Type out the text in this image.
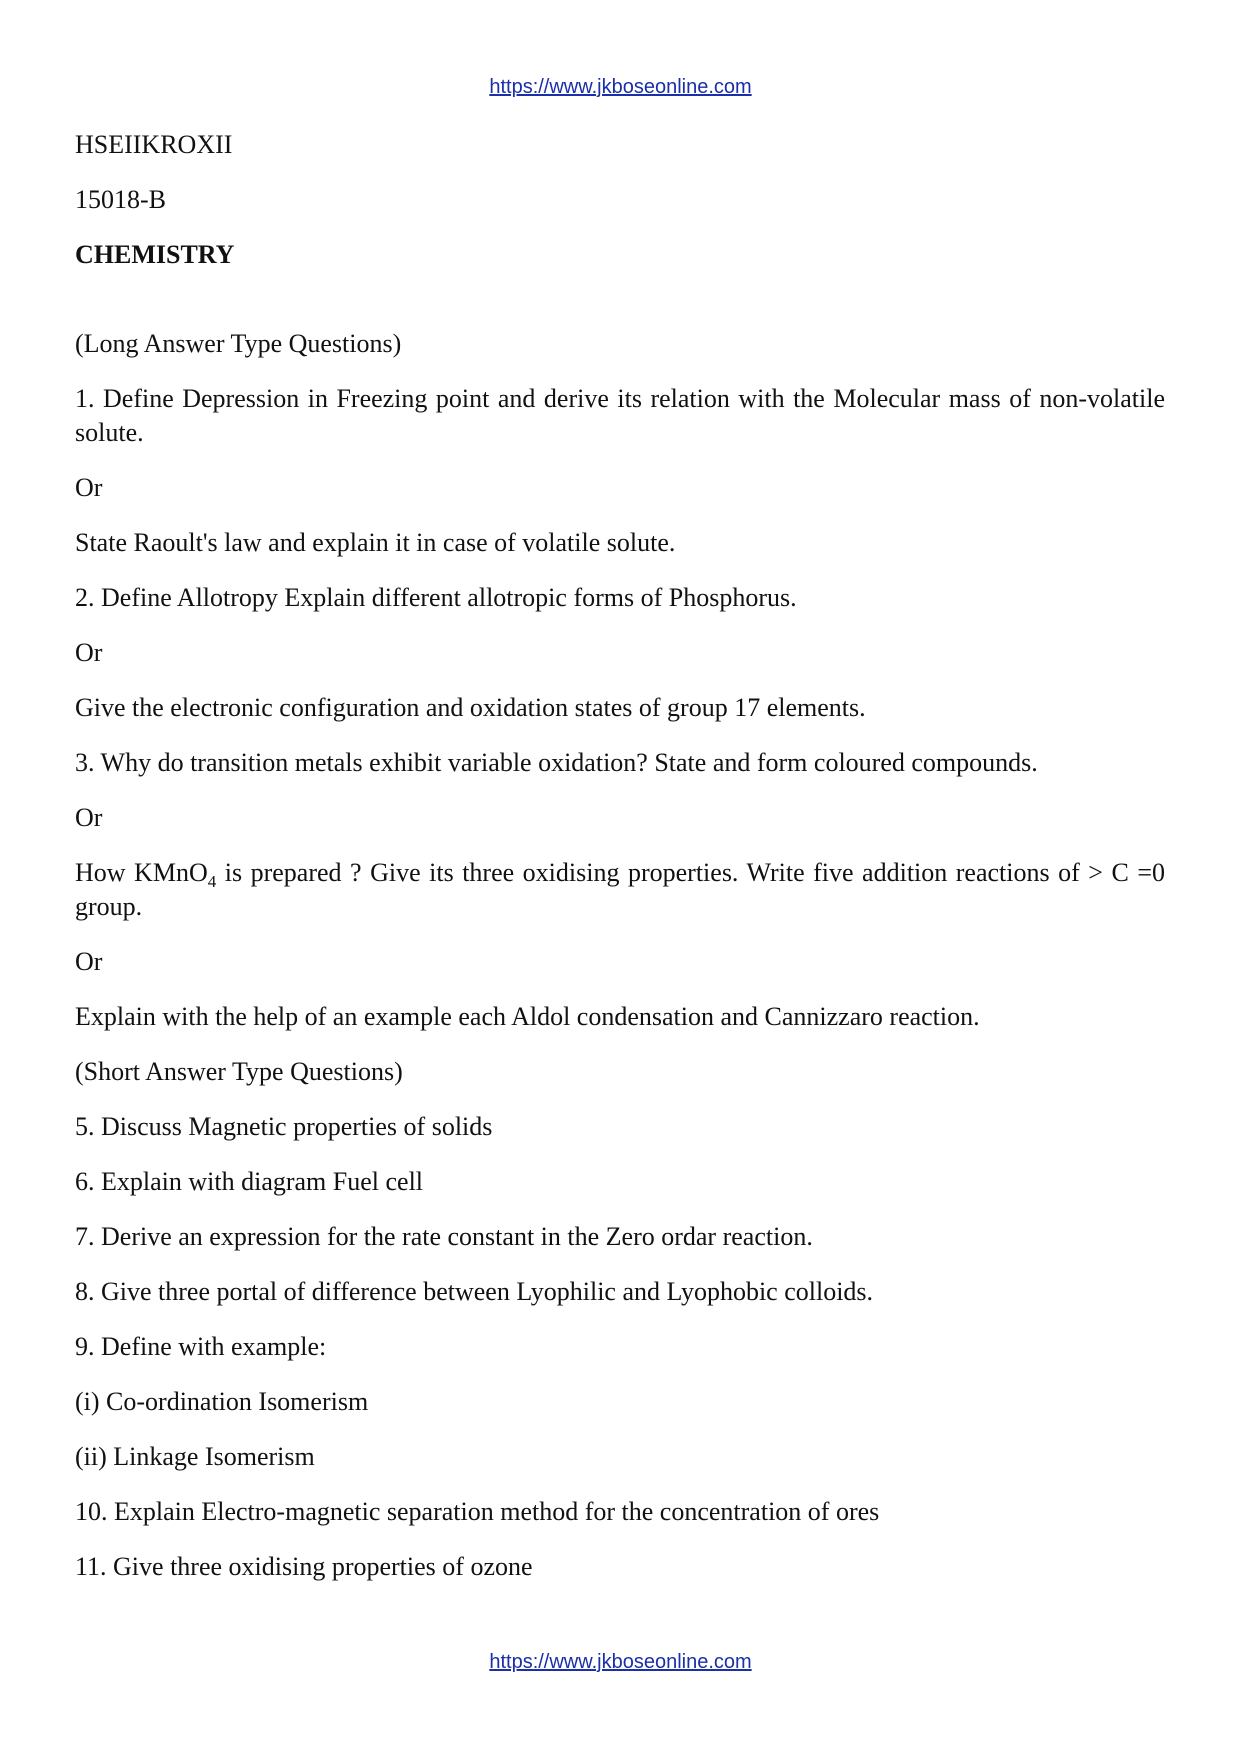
https://www.jkboseonline.com

HSEIIKROXII

15018-B

CHEMISTRY

(Long Answer Type Questions)

1. Define Depression in Freezing point and derive its relation with the Molecular mass of non-volatile solute.

Or

State Raoult's law and explain it in case of volatile solute.

2. Define Allotropy Explain different allotropic forms of Phosphorus.

Or

Give the electronic configuration and oxidation states of group 17 elements.

3. Why do transition metals exhibit variable oxidation? State and form coloured compounds.

Or

How KMnO$_4$ is prepared ? Give its three oxidising properties. Write five addition reactions of > C =0 group.

Or

Explain with the help of an example each Aldol condensation and Cannizzaro reaction.

(Short Answer Type Questions)

5. Discuss Magnetic properties of solids

6. Explain with diagram Fuel cell

7. Derive an expression for the rate constant in the Zero ordar reaction.

8. Give three portal of difference between Lyophilic and Lyophobic colloids.

9. Define with example:

(i) Co-ordination Isomerism

(ii) Linkage Isomerism

10. Explain Electro-magnetic separation method for the concentration of ores

11. Give three oxidising properties of ozone

https://www.jkboseonline.com
